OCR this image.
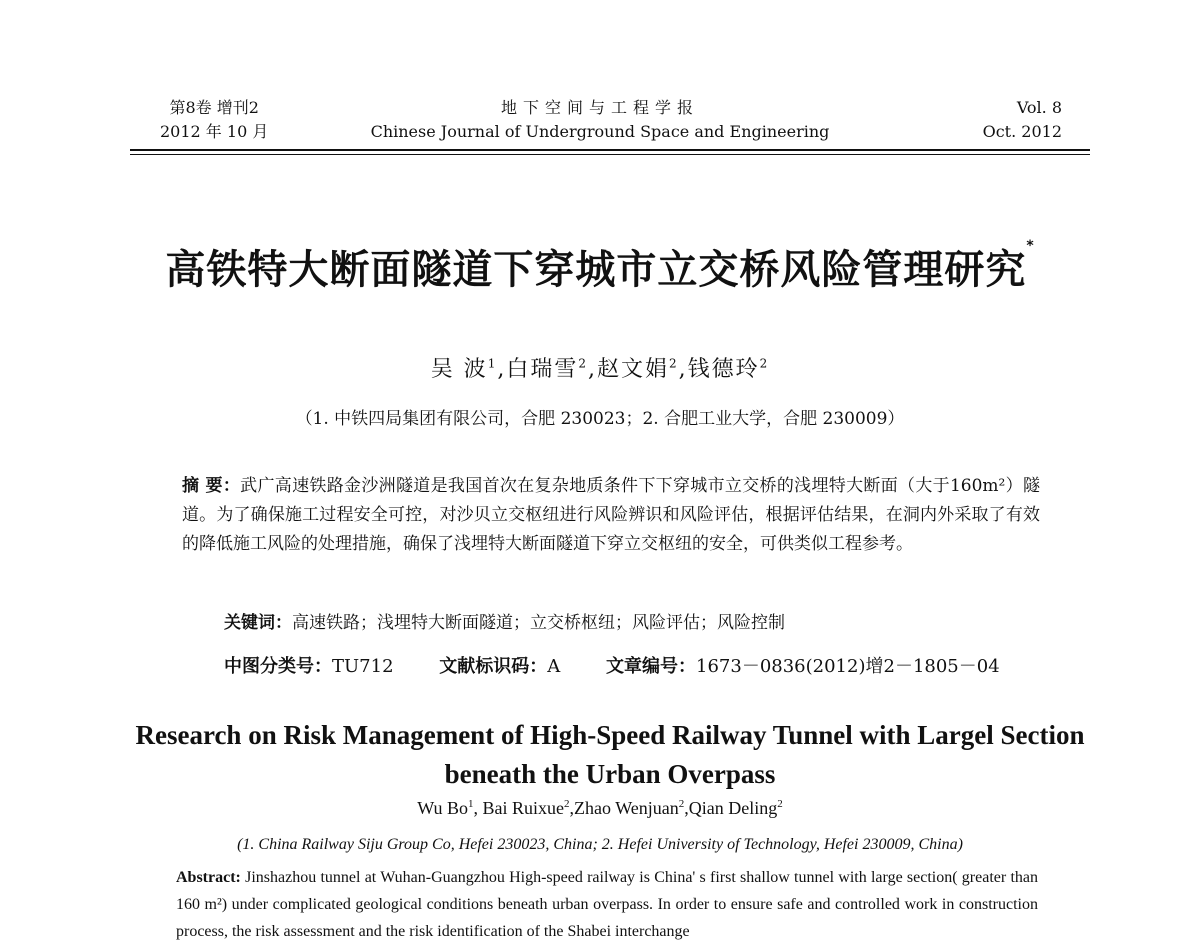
第8卷 增刊2
2012 年 10 月
地下空间与工程学报
Chinese Journal of Underground Space and Engineering
Vol. 8
Oct. 2012
高铁特大断面隧道下穿城市立交桥风险管理研究*
吴 波$^1$,白瑞雪$^2$,赵文娟$^2$,钱德玲$^2$
（1. 中铁四局集团有限公司，合肥 230023；2. 合肥工业大学，合肥 230009）
摘 要：武广高速铁路金沙洲隧道是我国首次在复杂地质条件下下穿城市立交桥的浅埋特大断面（大于160m²）隧道。为了确保施工过程安全可控，对沙贝立交枢纽进行风险辨识和风险评估，根据评估结果，在洞内外采取了有效的降低施工风险的处理措施，确保了浅埋特大断面隧道下穿立交枢纽的安全，可供类似工程参考。
关键词：高速铁路；浅埋特大断面隧道；立交桥枢纽；风险评估；风险控制
中图分类号：TU712	文献标识码：A	文章编号：1673－0836(2012)增2－1805－04
Research on Risk Management of High-Speed Railway Tunnel with Largel Section beneath the Urban Overpass
Wu Bo$^1$, Bai Ruixue$^2$,Zhao Wenjuan$^2$,Qian Deling$^2$
(1. China Railway Siju Group Co, Hefei 230023, China; 2. Hefei University of Technology, Hefei 230009, China)
Abstract: Jinshazhou tunnel at Wuhan-Guangzhou High-speed railway is China' s first shallow tunnel with large section( greater than 160 m²) under complicated geological conditions beneath urban overpass. In order to ensure safe and controlled work in construction process, the risk assessment and the risk identification of the Shabei interchange
